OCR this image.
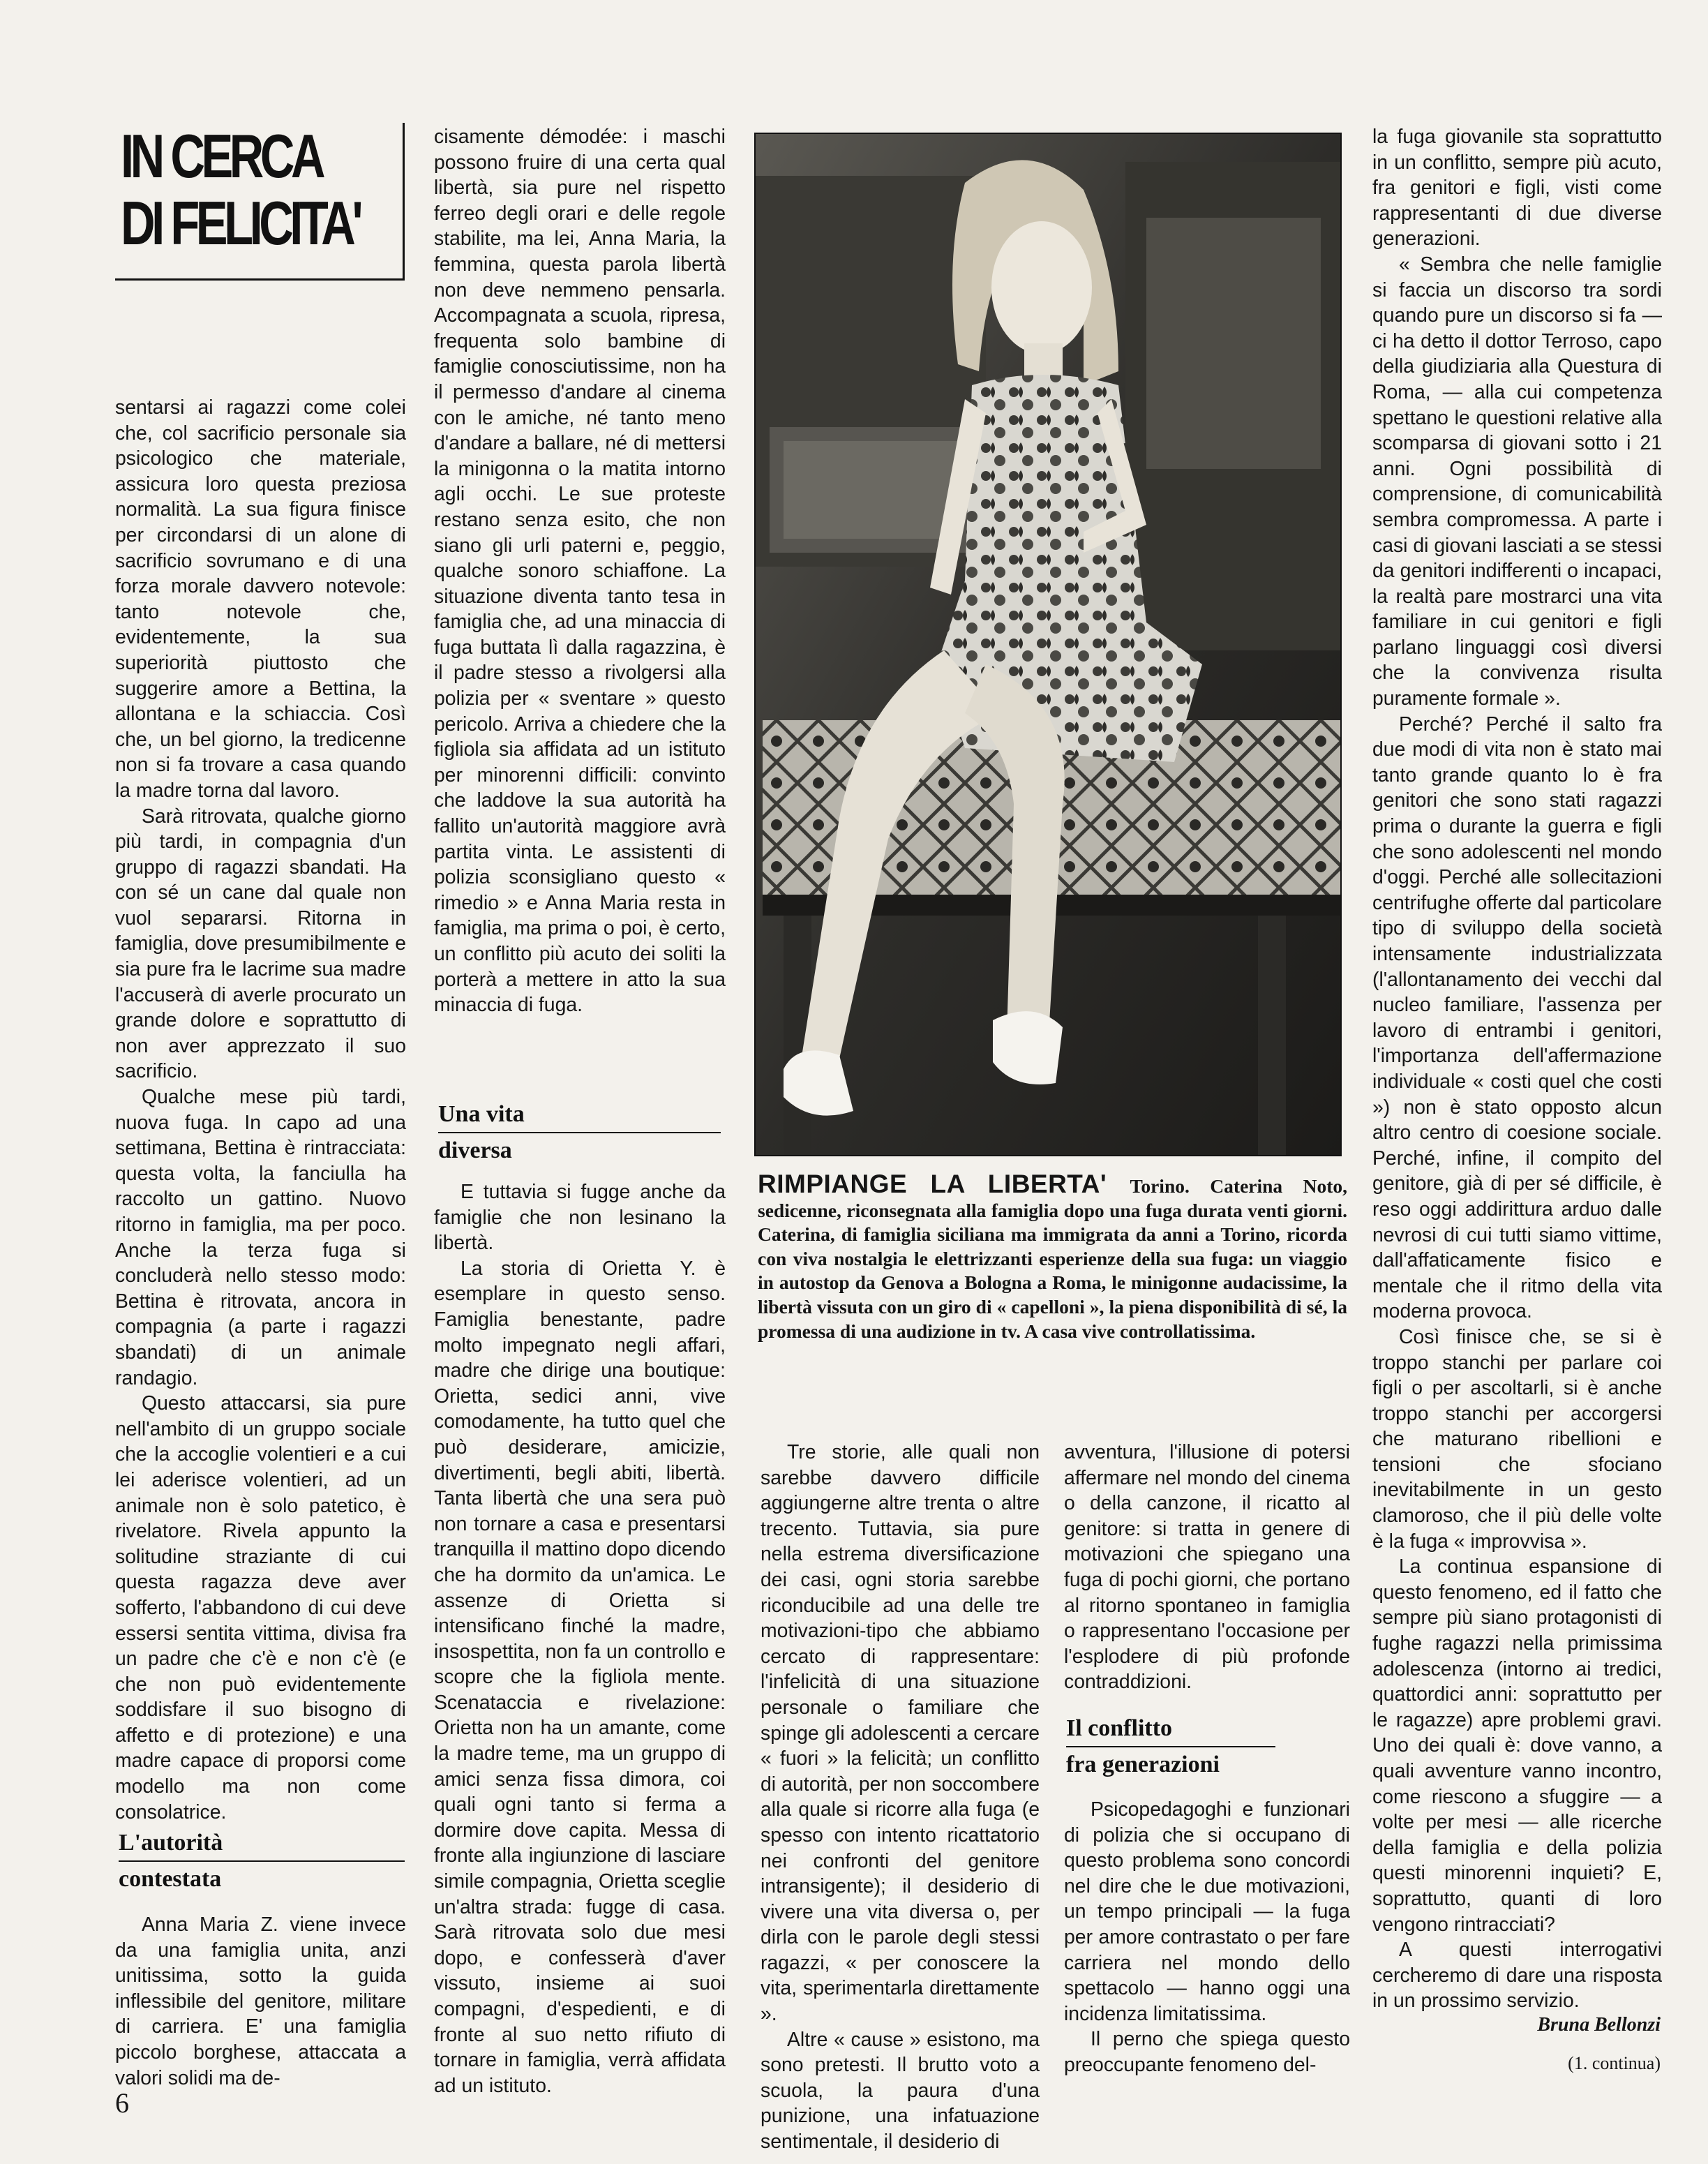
IN CERCA
DI FELICITA'

sentarsi ai ragazzi come colei che, col sacrificio personale sia psicologico che materiale, assicura loro questa preziosa normalità. La sua figura finisce per circondarsi di un alone di sacrificio sovrumano e di una forza morale davvero notevole: tanto notevole che, evidentemente, la sua superiorità piuttosto che suggerire amore a Bettina, la allontana e la schiaccia. Così che, un bel giorno, la tredicenne non si fa trovare a casa quando la madre torna dal lavoro.

Sarà ritrovata, qualche giorno più tardi, in compagnia d'un gruppo di ragazzi sbandati. Ha con sé un cane dal quale non vuol separarsi. Ritorna in famiglia, dove presumibilmente e sia pure fra le lacrime sua madre l'accuserà di averle procurato un grande dolore e soprattutto di non aver apprezzato il suo sacrificio.

Qualche mese più tardi, nuova fuga. In capo ad una settimana, Bettina è rintracciata: questa volta, la fanciulla ha raccolto un gattino. Nuovo ritorno in famiglia, ma per poco. Anche la terza fuga si concluderà nello stesso modo: Bettina è ritrovata, ancora in compagnia (a parte i ragazzi sbandati) di un animale randagio.

Questo attaccarsi, sia pure nell'ambito di un gruppo sociale che la accoglie volentieri e a cui lei aderisce volentieri, ad un animale non è solo patetico, è rivelatore. Rivela appunto la solitudine straziante di cui questa ragazza deve aver sofferto, l'abbandono di cui deve essersi sentita vittima, divisa fra un padre che c'è e non c'è (e che non può evidentemente soddisfare il suo bisogno di affetto e di protezione) e una madre capace di proporsi come modello ma non come consolatrice.

L'autorità
contestata

Anna Maria Z. viene invece da una famiglia unita, anzi unitissima, sotto la guida inflessibile del genitore, militare di carriera. E' una famiglia piccolo borghese, attaccata a valori solidi ma de-

cisamente démodée: i maschi possono fruire di una certa qual libertà, sia pure nel rispetto ferreo degli orari e delle regole stabilite, ma lei, Anna Maria, la femmina, questa parola libertà non deve nemmeno pensarla. Accompagnata a scuola, ripresa, frequenta solo bambine di famiglie conosciutissime, non ha il permesso d'andare al cinema con le amiche, né tanto meno d'andare a ballare, né di mettersi la minigonna o la matita intorno agli occhi. Le sue proteste restano senza esito, che non siano gli urli paterni e, peggio, qualche sonoro schiaffone. La situazione diventa tanto tesa in famiglia che, ad una minaccia di fuga buttata lì dalla ragazzina, è il padre stesso a rivolgersi alla polizia per « sventare » questo pericolo. Arriva a chiedere che la figliola sia affidata ad un istituto per minorenni difficili: convinto che laddove la sua autorità ha fallito un'autorità maggiore avrà partita vinta. Le assistenti di polizia sconsigliano questo « rimedio » e Anna Maria resta in famiglia, ma prima o poi, è certo, un conflitto più acuto dei soliti la porterà a mettere in atto la sua minaccia di fuga.

Una vita
diversa

E tuttavia si fugge anche da famiglie che non lesinano la libertà.

La storia di Orietta Y. è esemplare in questo senso. Famiglia benestante, padre molto impegnato negli affari, madre che dirige una boutique: Orietta, sedici anni, vive comodamente, ha tutto quel che può desiderare, amicizie, divertimenti, begli abiti, libertà. Tanta libertà che una sera può non tornare a casa e presentarsi tranquilla il mattino dopo dicendo che ha dormito da un'amica. Le assenze di Orietta si intensificano finché la madre, insospettita, non fa un controllo e scopre che la figliola mente. Scenataccia e rivelazione: Orietta non ha un amante, come la madre teme, ma un gruppo di amici senza fissa dimora, coi quali ogni tanto si ferma a dormire dove capita. Messa di fronte alla ingiunzione di lasciare simile compagnia, Orietta sceglie un'altra strada: fugge di casa. Sarà ritrovata solo due mesi dopo, e confesserà d'aver vissuto, insieme ai suoi compagni, d'espedienti, e di fronte al suo netto rifiuto di tornare in famiglia, verrà affidata ad un istituto.

RIMPIANGE LA LIBERTA' Torino. Caterina Noto, sedicenne, riconsegnata alla famiglia dopo una fuga durata venti giorni. Caterina, di famiglia siciliana ma immigrata da anni a Torino, ricorda con viva nostalgia le elettrizzanti esperienze della sua fuga: un viaggio in autostop da Genova a Bologna a Roma, le minigonne audacissime, la libertà vissuta con un giro di « capelloni », la piena disponibilità di sé, la promessa di una audizione in tv. A casa vive controllatissima.

Tre storie, alle quali non sarebbe davvero difficile aggiungerne altre trenta o altre trecento. Tuttavia, sia pure nella estrema diversificazione dei casi, ogni storia sarebbe riconducibile ad una delle tre motivazioni-tipo che abbiamo cercato di rappresentare: l'infelicità di una situazione personale o familiare che spinge gli adolescenti a cercare « fuori » la felicità; un conflitto di autorità, per non soccombere alla quale si ricorre alla fuga (e spesso con intento ricattatorio nei confronti del genitore intransigente); il desiderio di vivere una vita diversa o, per dirla con le parole degli stessi ragazzi, « per conoscere la vita, sperimentarla direttamente ».

Altre « cause » esistono, ma sono pretesti. Il brutto voto a scuola, la paura d'una punizione, una infatuazione sentimentale, il desiderio di

avventura, l'illusione di potersi affermare nel mondo del cinema o della canzone, il ricatto al genitore: si tratta in genere di motivazioni che spiegano una fuga di pochi giorni, che portano al ritorno spontaneo in famiglia o rappresentano l'occasione per l'esplodere di più profonde contraddizioni.

Il conflitto
fra generazioni

Psicopedagoghi e funzionari di polizia che si occupano di questo problema sono concordi nel dire che le due motivazioni, un tempo principali — la fuga per amore contrastato o per fare carriera nel mondo dello spettacolo — hanno oggi una incidenza limitatissima.

Il perno che spiega questo preoccupante fenomeno del-

la fuga giovanile sta soprattutto in un conflitto, sempre più acuto, fra genitori e figli, visti come rappresentanti di due diverse generazioni.

« Sembra che nelle famiglie si faccia un discorso tra sordi quando pure un discorso si fa — ci ha detto il dottor Terroso, capo della giudiziaria alla Questura di Roma, — alla cui competenza spettano le questioni relative alla scomparsa di giovani sotto i 21 anni. Ogni possibilità di comprensione, di comunicabilità sembra compromessa. A parte i casi di giovani lasciati a se stessi da genitori indifferenti o incapaci, la realtà pare mostrarci una vita familiare in cui genitori e figli parlano linguaggi così diversi che la convivenza risulta puramente formale ».

Perché? Perché il salto fra due modi di vita non è stato mai tanto grande quanto lo è fra genitori che sono stati ragazzi prima o durante la guerra e figli che sono adolescenti nel mondo d'oggi. Perché alle sollecitazioni centrifughe offerte dal particolare tipo di sviluppo della società intensamente industrializzata (l'allontanamento dei vecchi dal nucleo familiare, l'assenza per lavoro di entrambi i genitori, l'importanza dell'affermazione individuale « costi quel che costi ») non è stato opposto alcun altro centro di coesione sociale. Perché, infine, il compito del genitore, già di per sé difficile, è reso oggi addirittura arduo dalle nevrosi di cui tutti siamo vittime, dall'affaticamente fisico e mentale che il ritmo della vita moderna provoca.

Così finisce che, se si è troppo stanchi per parlare coi figli o per ascoltarli, si è anche troppo stanchi per accorgersi che maturano ribellioni e tensioni che sfociano inevitabilmente in un gesto clamoroso, che il più delle volte è la fuga « improvvisa ».

La continua espansione di questo fenomeno, ed il fatto che sempre più siano protagonisti di fughe ragazzi nella primissima adolescenza (intorno ai tredici, quattordici anni: soprattutto per le ragazze) apre problemi gravi. Uno dei quali è: dove vanno, a quali avventure vanno incontro, come riescono a sfuggire — a volte per mesi — alle ricerche della famiglia e della polizia questi minorenni inquieti? E, soprattutto, quanti di loro vengono rintracciati?

A questi interrogativi cercheremo di dare una risposta in un prossimo servizio.

Bruna Bellonzi
(1. continua)
6
